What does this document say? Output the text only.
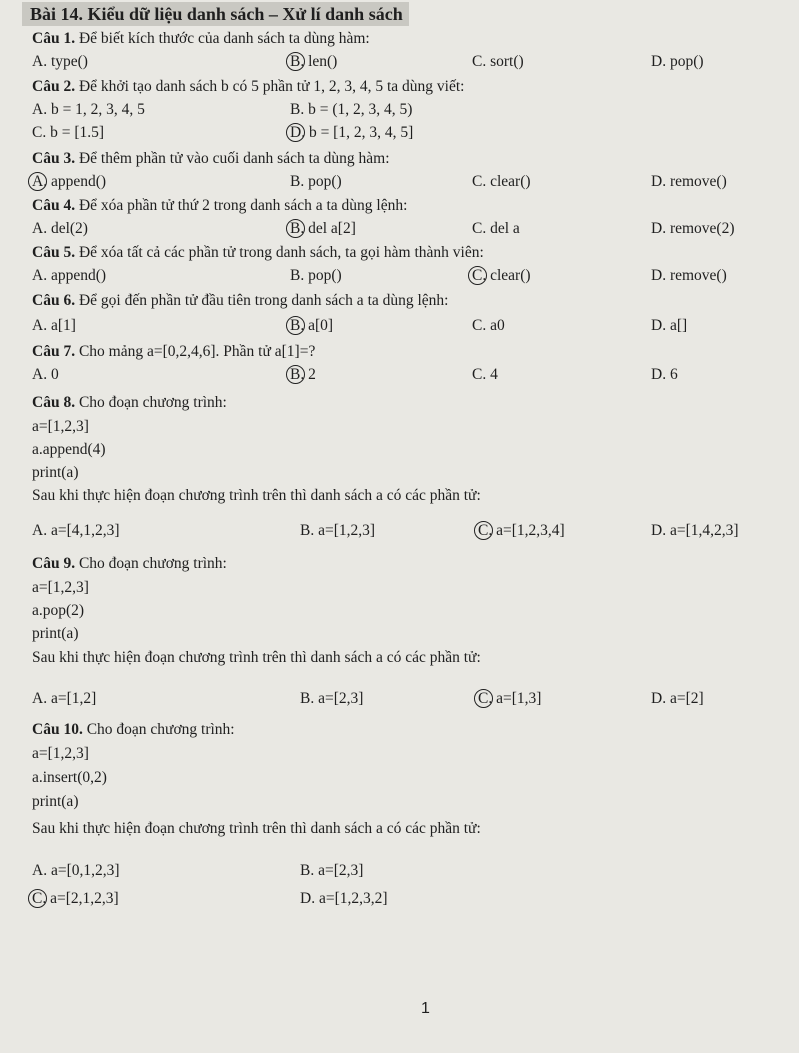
Bài 14. Kiểu dữ liệu danh sách – Xử lí danh sách
Câu 1. Để biết kích thước của danh sách ta dùng hàm:
A. type()	B. len()	C. sort()	D. pop()
Câu 2. Để khởi tạo danh sách b có 5 phần tử 1, 2, 3, 4, 5 ta dùng viết:
A. b = 1, 2, 3, 4, 5	B. b = (1, 2, 3, 4, 5)
C. b = [1.5]	D. b = [1, 2, 3, 4, 5]
Câu 3. Để thêm phần tử vào cuối danh sách ta dùng hàm:
A. append()	B. pop()	C. clear()	D. remove()
Câu 4. Để xóa phần tử thứ 2 trong danh sách a ta dùng lệnh:
A. del(2)	B. del a[2]	C. del a	D. remove(2)
Câu 5. Để xóa tất cả các phần tử trong danh sách, ta gọi hàm thành viên:
A. append()	B. pop()	C. clear()	D. remove()
Câu 6. Để gọi đến phần tử đầu tiên trong danh sách a ta dùng lệnh:
A. a[1]	B. a[0]	C. a0	D. a[]
Câu 7. Cho mảng a=[0,2,4,6]. Phần tử a[1]=?
A. 0	B. 2	C. 4	D. 6
Câu 8. Cho đoạn chương trình:
a=[1,2,3]
a.append(4)
print(a)
Sau khi thực hiện đoạn chương trình trên thì danh sách a có các phần tử:
A. a=[4,1,2,3]	B. a=[1,2,3]	C. a=[1,2,3,4]	D. a=[1,4,2,3]
Câu 9. Cho đoạn chương trình:
a=[1,2,3]
a.pop(2)
print(a)
Sau khi thực hiện đoạn chương trình trên thì danh sách a có các phần tử:
A. a=[1,2]	B. a=[2,3]	C. a=[1,3]	D. a=[2]
Câu 10. Cho đoạn chương trình:
a=[1,2,3]
a.insert(0,2)
print(a)
Sau khi thực hiện đoạn chương trình trên thì danh sách a có các phần tử:
A. a=[0,1,2,3]	B. a=[2,3]
C. a=[2,1,2,3]	D. a=[1,2,3,2]
1
